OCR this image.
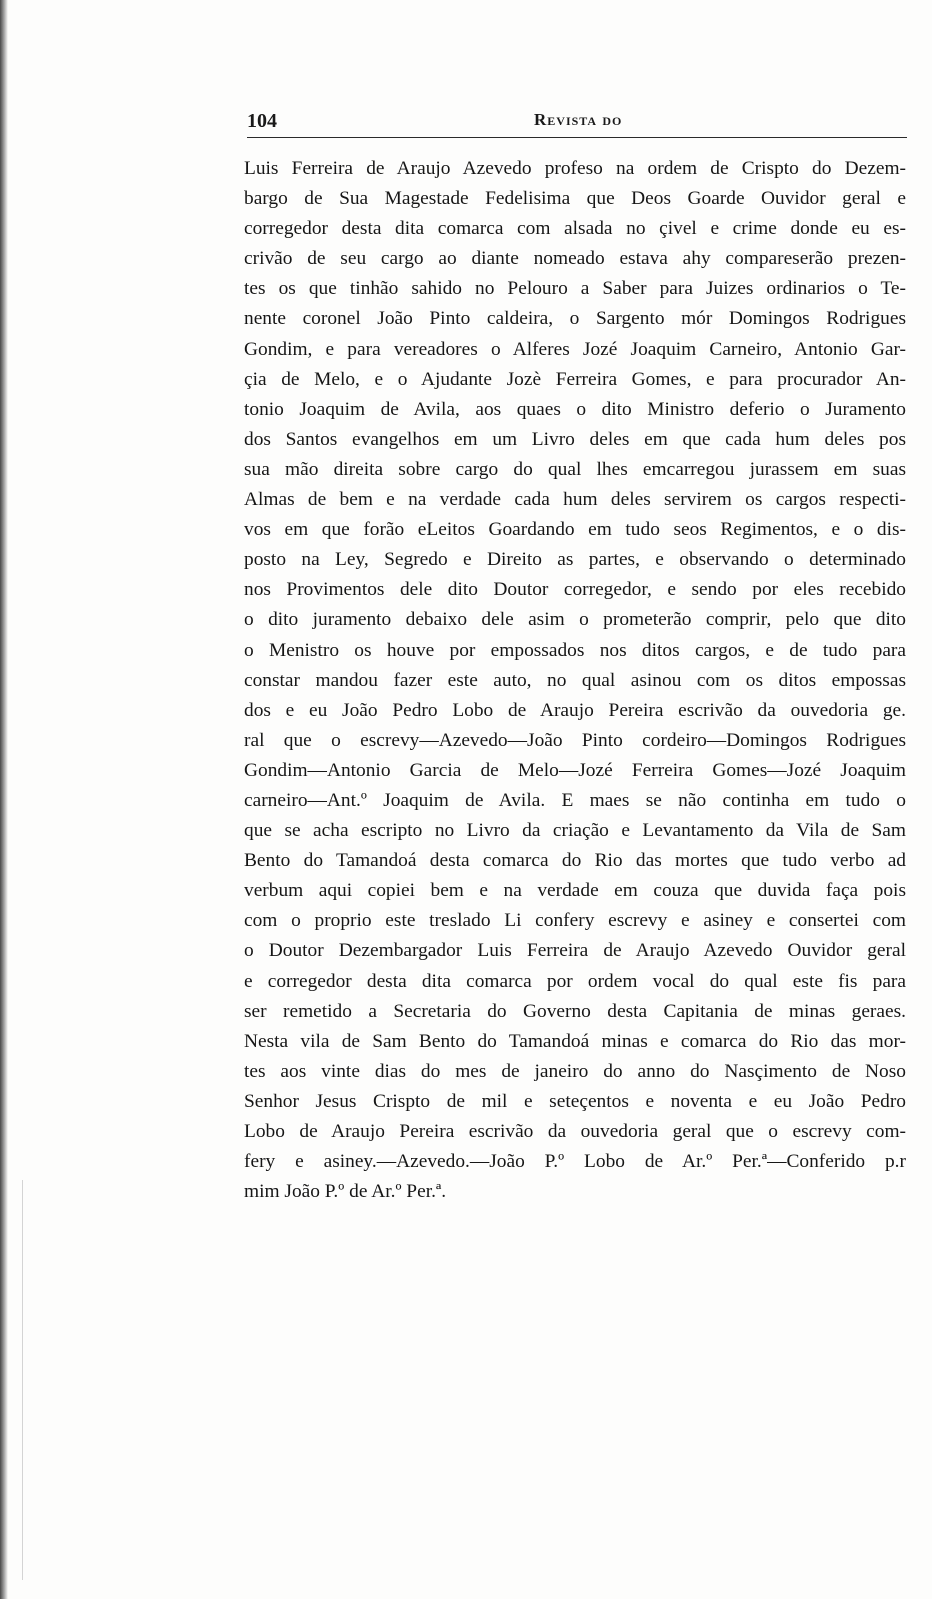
104	Revista do
Luis Ferreira de Araujo Azevedo profeso na ordem de Crispto do Dezem-
bargo de Sua Magestade Fedelisima que Deos Goarde Ouvidor geral e
corregedor desta dita comarca com alsada no çivel e crime donde eu es-
crivão de seu cargo ao diante nomeado estava ahy compareserão prezen-
tes os que tinhão sahido no Pelouro a Saber para Juizes ordinarios o Te-
nente coronel João Pinto caldeira, o Sargento mór Domingos Rodrigues
Gondim, e para vereadores o Alferes Jozé Joaquim Carneiro, Antonio Gar-
çia de Melo, e o Ajudante Jozè Ferreira Gomes, e para procurador An-
tonio Joaquim de Avila, aos quaes o dito Ministro deferio o Juramento
dos Santos evangelhos em um Livro deles em que cada hum deles pos
sua mão direita sobre cargo do qual lhes emcarregou jurassem em suas
Almas de bem e na verdade cada hum deles servirem os cargos respecti-
vos em que forão eLeitos Goardando em tudo seos Regimentos, e o dis-
posto na Ley, Segredo e Direito as partes, e observando o determinado
nos Provimentos dele dito Doutor corregedor, e sendo por eles recebido
o dito juramento debaixo dele asim o prometerão comprir, pelo que dito
o Menistro os houve por empossados nos ditos cargos, e de tudo para
constar mandou fazer este auto, no qual asinou com os ditos empossas
dos e eu João Pedro Lobo de Araujo Pereira escrivão da ouvedoria ge.
ral que o escrevy—Azevedo—João Pinto cordeiro—Domingos Rodrigues
Gondim—Antonio Garcia de Melo—Jozé Ferreira Gomes—Jozé Joaquim
carneiro—Ant.º Joaquim de Avila. E maes se não continha em tudo o
que se acha escripto no Livro da criação e Levantamento da Vila de Sam
Bento do Tamandoá desta comarca do Rio das mortes que tudo verbo ad
verbum aqui copiei bem e na verdade em couza que duvida faça pois
com o proprio este treslado Li confery escrevy e asiney e consertei com
o Doutor Dezembargador Luis Ferreira de Araujo Azevedo Ouvidor geral
e corregedor desta dita comarca por ordem vocal do qual este fis para
ser remetido a Secretaria do Governo desta Capitania de minas geraes.
Nesta vila de Sam Bento do Tamandoá minas e comarca do Rio das mor-
tes aos vinte dias do mes de janeiro do anno do Nasçimento de Noso
Senhor Jesus Crispto de mil e seteçentos e noventa e eu João Pedro
Lobo de Araujo Pereira escrivão da ouvedoria geral que o escrevy com-
fery e asiney.—Azevedo.—João P.º Lobo de Ar.º Per.ª—Conferido p.r
mim João P.º de Ar.º Per.ª.
